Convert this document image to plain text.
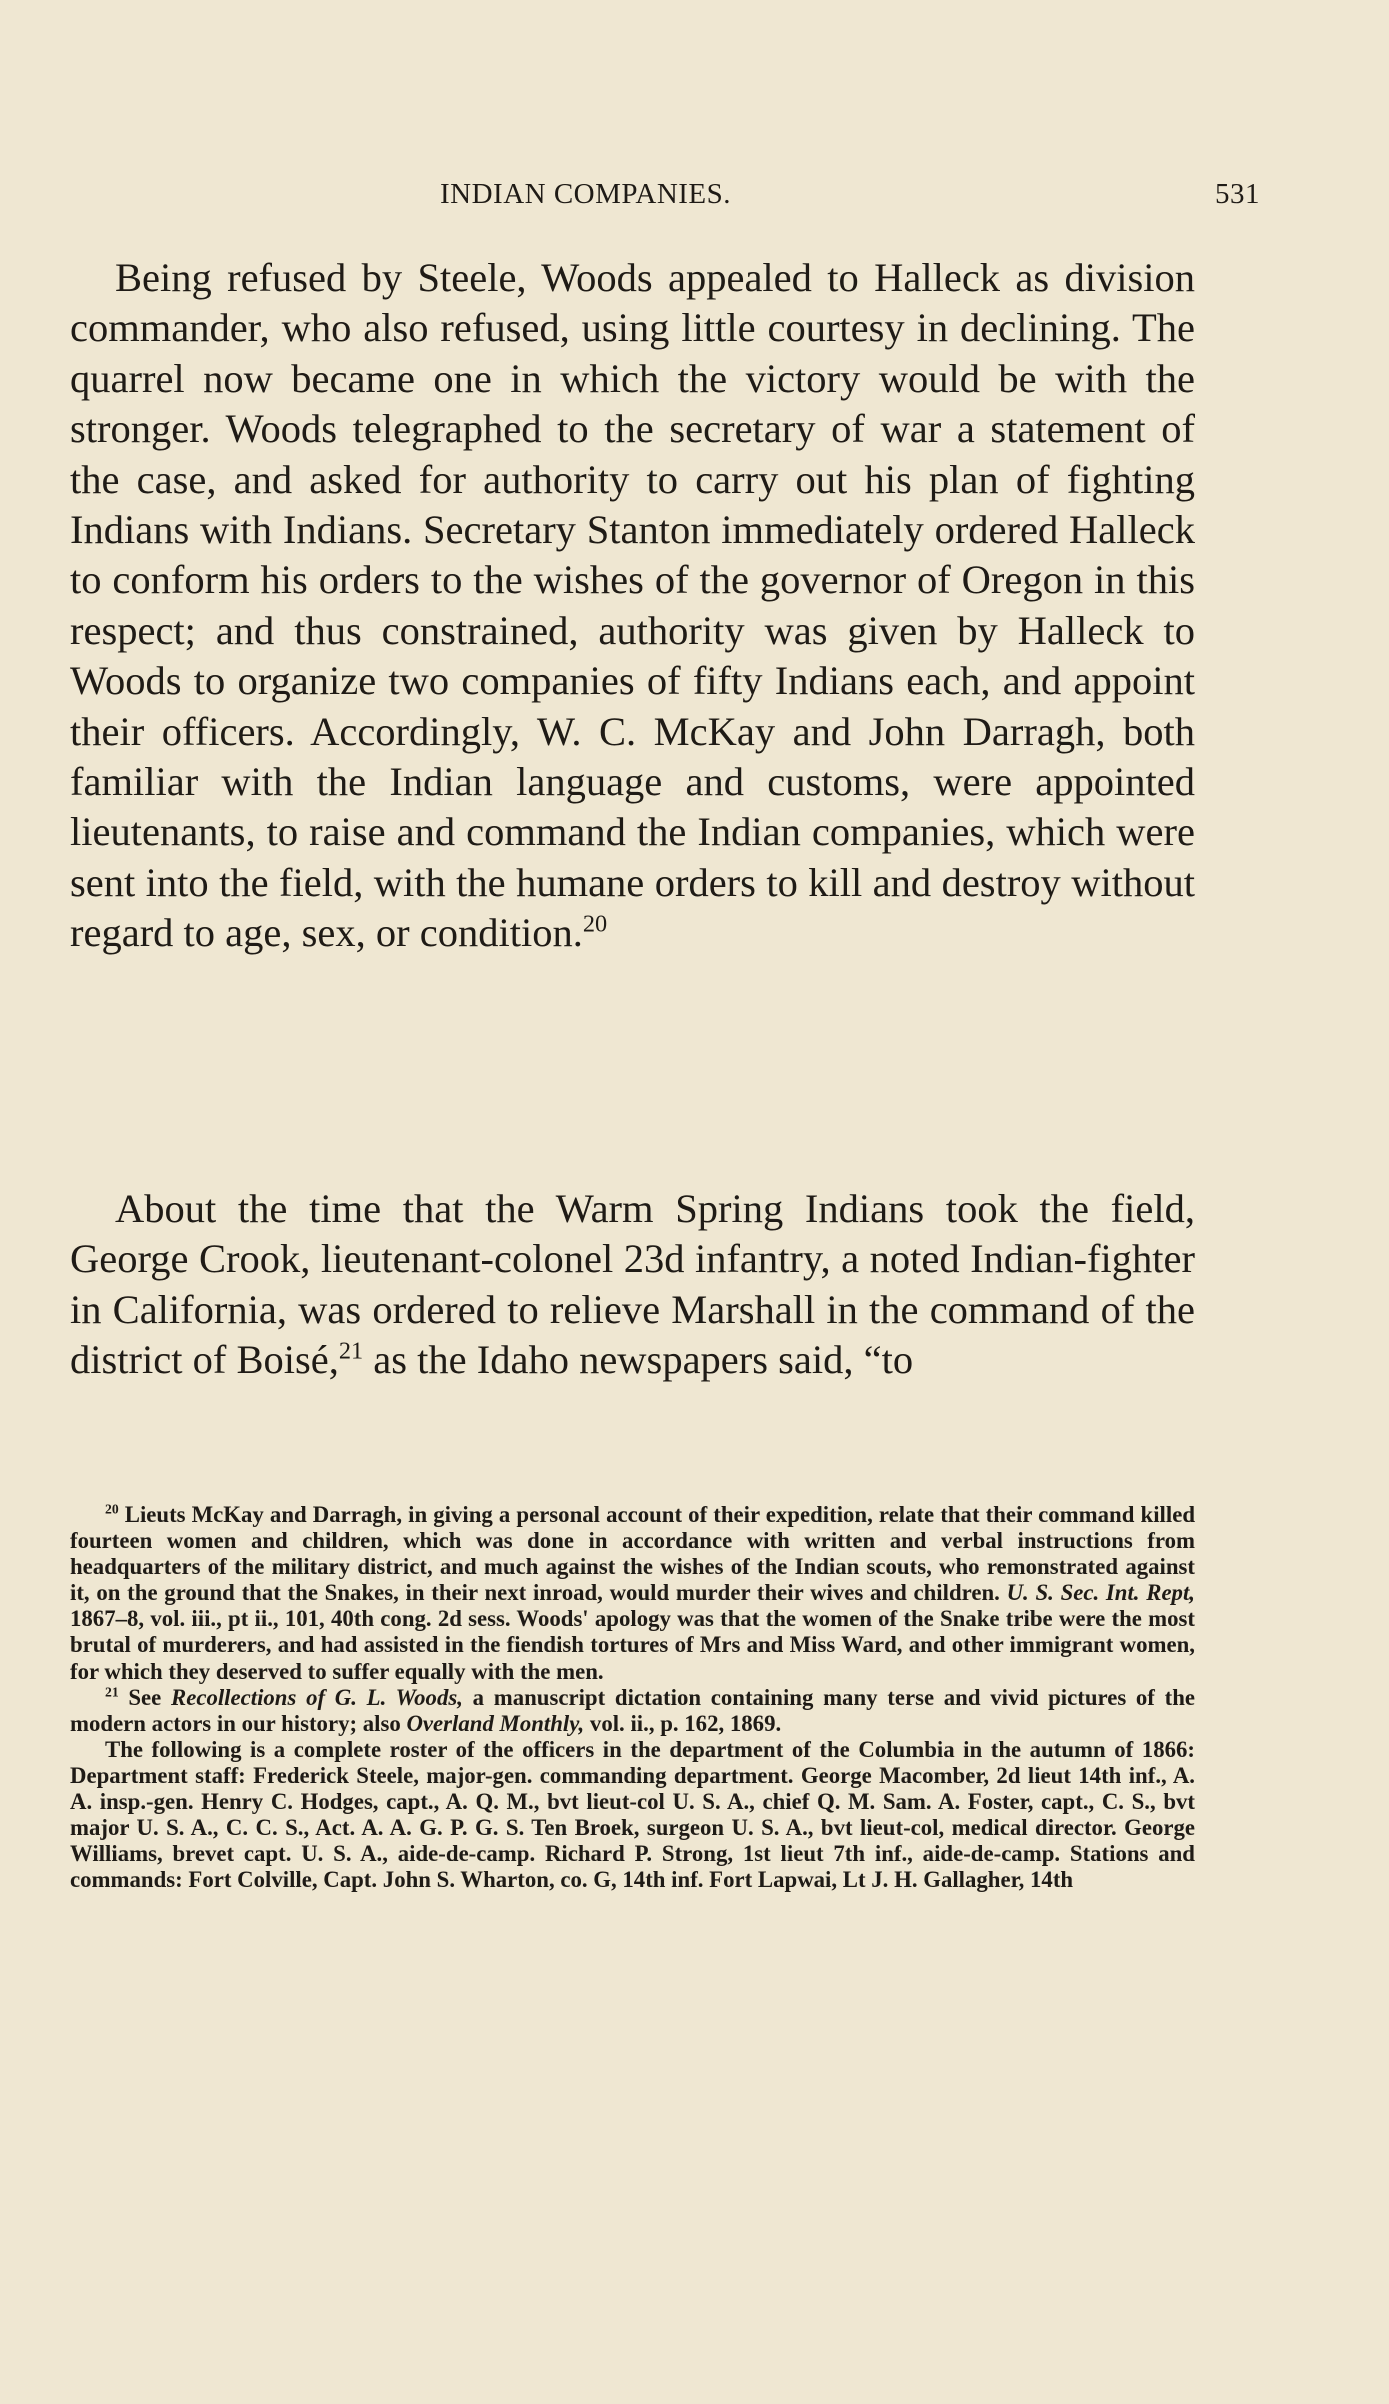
INDIAN COMPANIES.	531
Being refused by Steele, Woods appealed to Halleck as division commander, who also refused, using little courtesy in declining. The quarrel now became one in which the victory would be with the stronger. Woods telegraphed to the secretary of war a statement of the case, and asked for authority to carry out his plan of fighting Indians with Indians. Secretary Stanton immediately ordered Halleck to conform his orders to the wishes of the governor of Oregon in this respect; and thus constrained, authority was given by Halleck to Woods to organize two companies of fifty Indians each, and appoint their officers. Accordingly, W. C. McKay and John Darragh, both familiar with the Indian language and customs, were appointed lieutenants, to raise and command the Indian companies, which were sent into the field, with the humane orders to kill and destroy without regard to age, sex, or condition.$^{20}$
About the time that the Warm Spring Indians took the field, George Crook, lieutenant-colonel 23d infantry, a noted Indian-fighter in California, was ordered to relieve Marshall in the command of the district of Boisé,$^{21}$ as the Idaho newspapers said, “to

$^{20}$ Lieuts McKay and Darragh, in giving a personal account of their expedition, relate that their command killed fourteen women and children, which was done in accordance with written and verbal instructions from headquarters of the military district, and much against the wishes of the Indian scouts, who remonstrated against it, on the ground that the Snakes, in their next inroad, would murder their wives and children. U. S. Sec. Int. Rept, 1867–8, vol. iii., pt ii., 101, 40th cong. 2d sess. Woods' apology was that the women of the Snake tribe were the most brutal of murderers, and had assisted in the fiendish tortures of Mrs and Miss Ward, and other immigrant women, for which they deserved to suffer equally with the men.

$^{21}$ See Recollections of G. L. Woods, a manuscript dictation containing many terse and vivid pictures of the modern actors in our history; also Overland Monthly, vol. ii., p. 162, 1869.

The following is a complete roster of the officers in the department of the Columbia in the autumn of 1866: Department staff: Frederick Steele, major-gen. commanding department. George Macomber, 2d lieut 14th inf., A. A. insp.-gen. Henry C. Hodges, capt., A. Q. M., bvt lieut-col U. S. A., chief Q. M. Sam. A. Foster, capt., C. S., bvt major U. S. A., C. C. S., Act. A. A. G. P. G. S. Ten Broek, surgeon U. S. A., bvt lieut-col, medical director. George Williams, brevet capt. U. S. A., aide-de-camp. Richard P. Strong, 1st lieut 7th inf., aide-de-camp. Stations and commands: Fort Colville, Capt. John S. Wharton, co. G, 14th inf. Fort Lapwai, Lt J. H. Gallagher, 14th
